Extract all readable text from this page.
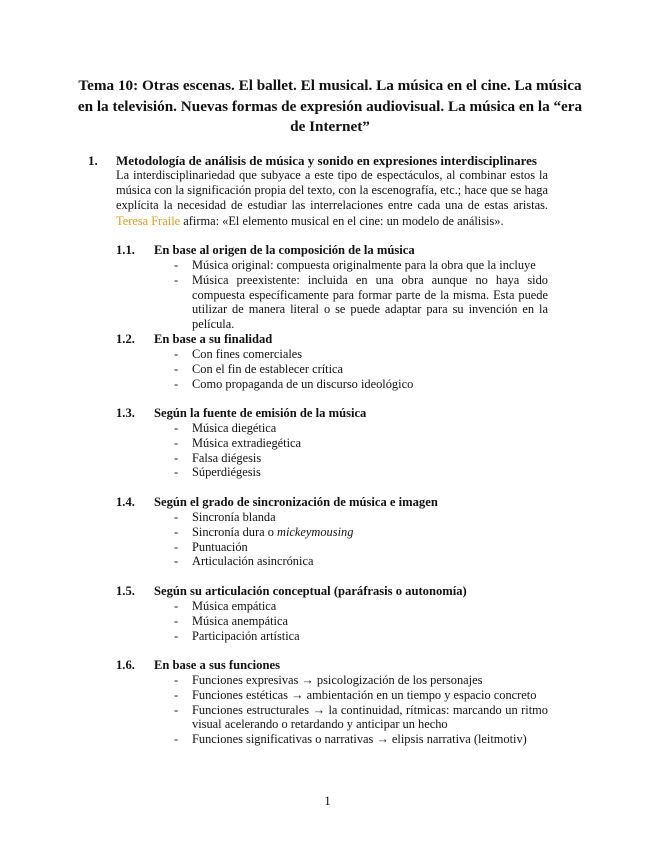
Tema 10: Otras escenas. El ballet. El musical. La música en el cine. La música en la televisión. Nuevas formas de expresión audiovisual. La música en la “era de Internet”
1. Metodología de análisis de música y sonido en expresiones interdisciplinares
La interdisciplinariedad que subyace a este tipo de espectáculos, al combinar estos la música con la significación propia del texto, con la escenografía, etc.; hace que se haga explícita la necesidad de estudiar las interrelaciones entre cada una de estas aristas. Teresa Fraile afirma: «El elemento musical en el cine: un modelo de análisis».
1.1. En base al origen de la composición de la música
- Música original: compuesta originalmente para la obra que la incluye
- Música preexistente: incluida en una obra aunque no haya sido compuesta específicamente para formar parte de la misma. Esta puede utilizar de manera literal o se puede adaptar para su invención en la película.
1.2. En base a su finalidad
- Con fines comerciales
- Con el fin de establecer crítica
- Como propaganda de un discurso ideológico
1.3. Según la fuente de emisión de la música
- Música diegética
- Música extradiegética
- Falsa diégesis
- Súperdiégesis
1.4. Según el grado de sincronización de música e imagen
- Sincronía blanda
- Sincronía dura o mickeymousing
- Puntuación
- Articulación asincrónica
1.5. Según su articulación conceptual (paráfrasis o autonomía)
- Música empática
- Música anempática
- Participación artística
1.6. En base a sus funciones
- Funciones expresivas → psicologización de los personajes
- Funciones estéticas → ambientación en un tiempo y espacio concreto
- Funciones estructurales → la continuidad, rítmicas: marcando un ritmo visual acelerando o retardando y anticipar un hecho
- Funciones significativas o narrativas → elipsis narrativa (leitmotiv)
1
